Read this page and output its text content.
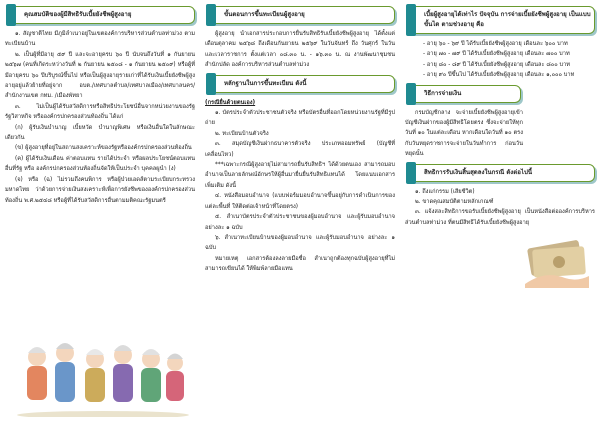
คุณสมบัติของผู้มีสิทธิรับเบี้ยยังชีพผู้สูงอายุ
๑. สัญชาติไทย มีภูมิลำเนาอยู่ในเขตองค์การบริหารส่วนตำบลท่าม่วง ตามทะเบียนบ้าน
๒. เป็นผู้ที่มีอายุ ๕๙ ปี และจะอายุครบ ๖๐ ปี นับจนถึงวันที่ ๑ กันยายน ๒๕๖๗ (คนที่เกิดระหว่างวันที่ ๒ กันยายน ๒๕๐๘ - ๑ กันยายน ๒๕๐๙) หรือผู้ที่มีอายุครบ ๖๐ ปีบริบูรณ์ขึ้นไป หรือเป็นผู้สูงอายุรายเก่าที่ได้รับเงินเบี้ยยังชีพผู้สูงอายุอยู่แล้วย้ายที่อยู่จาก อบต./เทศบาลตำบล/เทศบาลเมือง/เทศบาลนคร/สำนักงานเขต กทม. /เมืองพัทยา
๓. ไม่เป็นผู้ได้รับสวัสดิการหรือสิทธิประโยชน์อื่นจากหน่วยงานของรัฐ รัฐวิสาหกิจ หรือองค์กรปกครองส่วนท้องถิ่น ได้แก่
(ก) ผู้รับเงินบำนาญ เบี้ยหวัด บำนาญพิเศษ หรือเงินอื่นใดในลักษณะเดียวกัน
(ข) ผู้สูงอายุที่อยู่ในสถานสงเคราะห์ของรัฐหรือองค์กรปกครองส่วนท้องถิ่น
(ค) ผู้ได้รับเงินเดือน ค่าตอบแทน รายได้ประจำ หรือผลประโยชน์ตอบแทนอื่นที่รัฐ หรือ องค์กรปกครองส่วนท้องถิ่นจัดให้เป็นประจำ บุคคลผูนำ (ง)
(จ) หรือ (ฉ) ไม่รวมถึงคนพิการ หรือผู้ป่วยเอดส์ตามระเบียบกระทรวงมหาดไทย ว่าด้วยการจ่ายเงินสงเคราะห์เพื่อการยังชีพขององค์กรปกครองส่วนท้องถิ่น พ.ศ.๒๕๔๘ หรือผู้ที่ได้รับสวัสดิการอื่นตามมติคณะรัฐมนตรี
ขั้นตอนการขึ้นทะเบียนผู้สูงอายุ
ผู้สูงอายุ นำเอกสารประกอบการยื่นรับสิทธิรับเบี้ยยังชีพผู้สูงอายุ ได้ตั้งแต่ เดือนตุลาคม ๒๕๖๘ ถึงเดือนกันยายน ๒๕๖๙ ในวันจันทร์ ถึง วันศุกร์ ในวันและเวลาราชการ ตั้งแต่เวลา ๐๘.๓๐ น. - ๑๖.๓๐ น. ณ งานพัฒนาชุมชน สำนักปลัด องค์การบริหารส่วนตำบลท่าม่วง
หลักฐานในการขึ้นทะเบียน ดังนี้
(กรณียื่นด้วยตนเอง)
๑. บัตรประจำตัวประชาชนตัวจริง หรือบัตรอื่นที่ออกโดยหน่วยงานรัฐที่มีรูปถ่าย
๒. ทะเบียนบ้านตัวจริง
๓. สมุดบัญชีเงินฝากธนาคารตัวจริง ประเภทออมทรัพย์ (บัญชีที่เคลื่อนไหว)
***เฉพาะกรณีผู้สูงอายุไม่สามารถยื่นรับสิทธิฯ ได้ด้วยตนเอง สามารถมอบอำนาจเป็นลายลักษณ์อักษรให้ผู้อื่นมายื่นยื่นรับสิทธิแทนได้ โดยแนบเอกสารเพิ่มเติม ดังนี้
๔. หนังสือมอบอำนาจ (แบบฟอร์มมอบอำนาจขึ้นอยู่กับการดำเนินการของแต่ละพื้นที่ ให้ติดต่อเจ้าหน้าที่โดยตรง)
๕. สำเนาบัตรประจำตัวประชาชนของผู้มอบอำนาจ และผู้รับมอบอำนาจ อย่างละ ๑ ฉบับ
๖. สำเนาทะเบียนบ้านของผู้มอบอำนาจ และผู้รับมอบอำนาจ อย่างละ ๑ ฉบับ
หมายเหตุ เอกสารต้องลงลายมือชื่อ สำเนาถูกต้องทุกฉบับผู้สูงอายุที่ไม่สามารถเขียนได้ ให้พิมพ์ลายมือแทน
เบี้ยผู้สูงอายุได้เท่าไร ปัจจุบัน การจ่ายเบี้ยยังชีพผู้สูงอายุ เป็นแบบขั้นได ตามช่วงอายุ คือ
- อายุ ๖๐ - ๖๙ ปี ได้รับเบี้ยยังชีพผู้สูงอายุ เดือนละ ๖๐๐ บาท
- อายุ ๗๐ - ๗๙ ปี ได้รับเบี้ยยังชีพผู้สูงอายุ เดือนละ ๗๐๐ บาท
- อายุ ๘๐ - ๘๙ ปี ได้รับเบี้ยยังชีพผู้สูงอายุ เดือนละ ๘๐๐ บาท
- อายุ ๙๐ ปีขึ้นไป ได้รับเบี้ยยังชีพผู้สูงอายุ เดือนละ ๑,๐๐๐ บาท
วิธีการจ่ายเงิน
กรมบัญชีกลาง จะจ่ายเบี้ยยังชีพผู้สูงอายุเข้าบัญชีเงินฝากของผู้มีสิทธิโดยตรง ซึ่งจะจ่ายให้ทุกวันที่ ๑๐ ในแต่ละเดือน หากเดือนใดวันที่ ๑๐ ตรงกับวันหยุดราชการจะจ่ายในวันทำการ ก่อนวันหยุดนั้น
สิทธิการรับเงินสิ้นสุดลงในกรณี ดังต่อไปนี้
๑. ถึงแก่กรรม (เสียชีวิต)
๒. ขาดคุณสมบัติตามหลักเกณฑ์
๓. แจ้งสละสิทธิการขอรับเบี้ยยังชีพผู้สูงอายุ เป็นหนังสือต่อองค์การบริหารส่วนตำบลท่าม่วง ที่ตนมีสิทธิได้รับเบี้ยยังชีพผู้สูงอายุ
